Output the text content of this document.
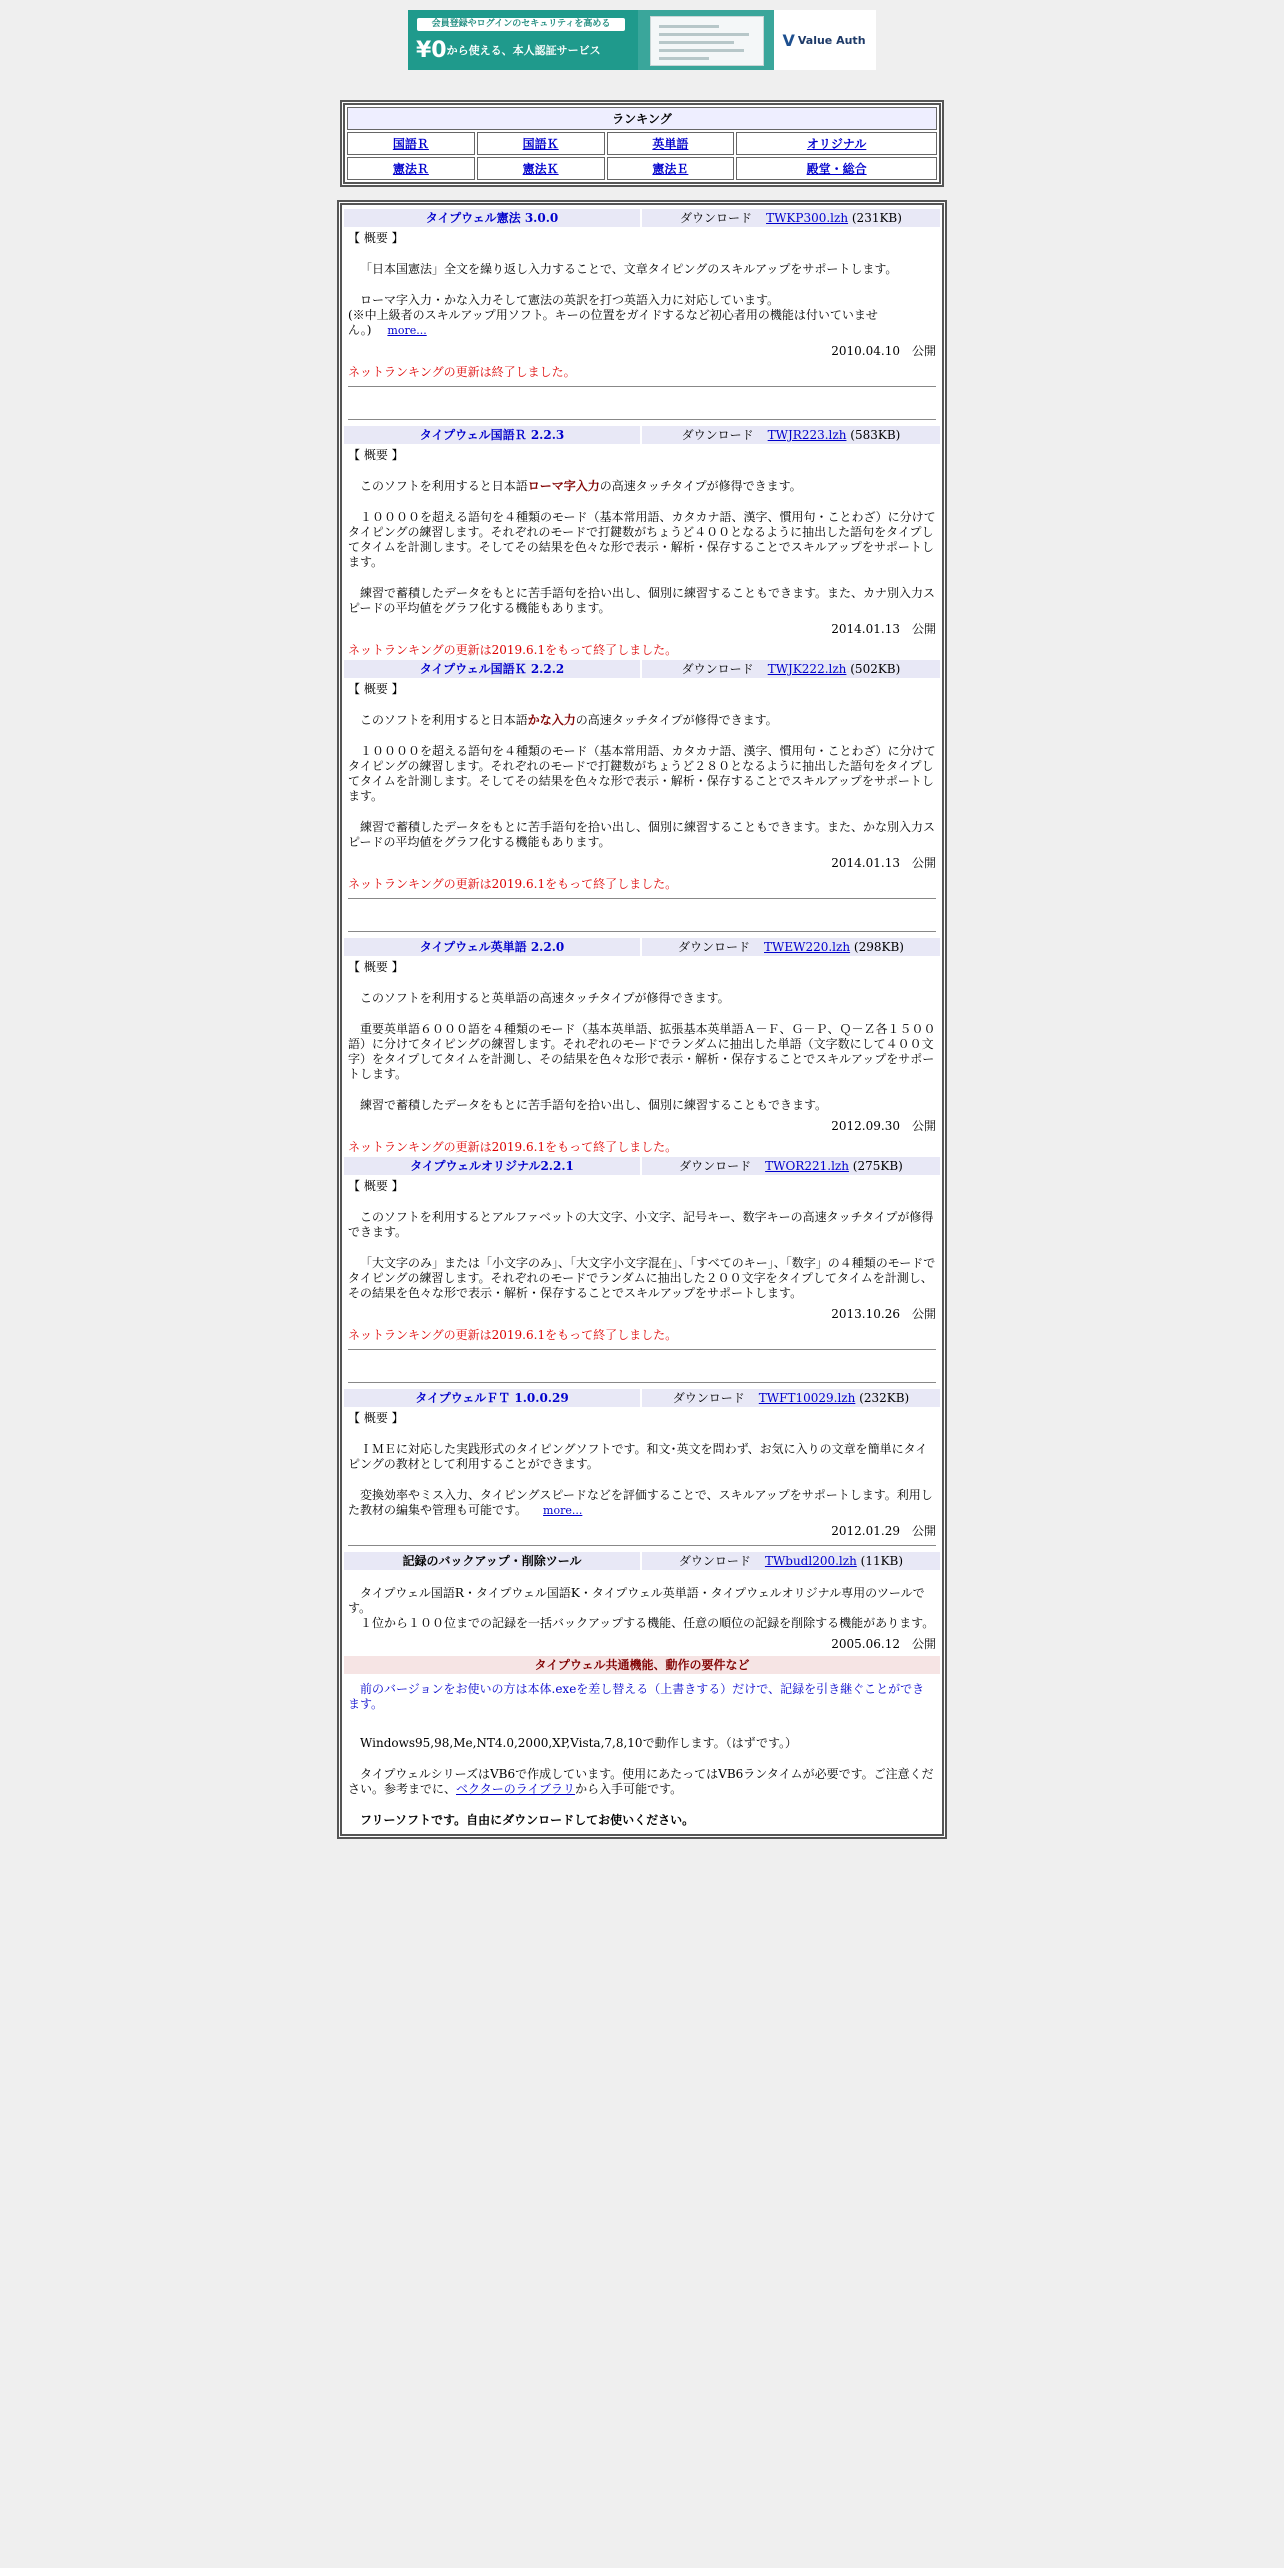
会員登録やログインのセキュリティを高める
¥0から使える、本人認証サービス
V Value Auth
ランキング			
国語Ｒ	国語Ｋ	英単語	オリジナル
憲法Ｒ	憲法Ｋ	憲法Ｅ	殿堂・総合
タイプウェル憲法 3.0.0	ダウンロード TWKP300.lzh (231KB)

【 概要 】

「日本国憲法」全文を繰り返し入力することで、文章タイピングのスキルアップをサポートします。

ローマ字入力・かな入力そして憲法の英訳を打つ英語入力に対応しています。

(※中上級者のスキルアップ用ソフト。キーの位置をガイドするなど初心者用の機能は付いていません。) more...

2010.04.10　 公開
ネットランキングの更新は終了しました。
タイプウェル国語Ｒ 2.2.3	ダウンロード TWJR223.lzh (583KB)

【 概要 】

このソフトを利用すると日本語ローマ字入力の高速タッチタイプが修得できます。

１００００を超える語句を４種類のモード（基本常用語、カタカナ語、漢字、慣用句・ことわざ）に分けてタイピングの練習します。それぞれのモードで打鍵数がちょうど４００となるように抽出した語句をタイプしてタイムを計測します。そしてその結果を色々な形で表示・解析・保存することでスキルアップをサポートします。

練習で蓄積したデータをもとに苦手語句を拾い出し、個別に練習することもできます。また、カナ別入力スピードの平均値をグラフ化する機能もあります。

2014.01.13　 公開
ネットランキングの更新は2019.6.1をもって終了しました。
タイプウェル国語Ｋ 2.2.2	ダウンロード TWJK222.lzh (502KB)

【 概要 】

このソフトを利用すると日本語かな入力の高速タッチタイプが修得できます。

１００００を超える語句を４種類のモード（基本常用語、カタカナ語、漢字、慣用句・ことわざ）に分けてタイピングの練習します。それぞれのモードで打鍵数がちょうど２８０となるように抽出した語句をタイプしてタイムを計測します。そしてその結果を色々な形で表示・解析・保存することでスキルアップをサポートします。

練習で蓄積したデータをもとに苦手語句を拾い出し、個別に練習することもできます。また、かな別入力スピードの平均値をグラフ化する機能もあります。

2014.01.13　 公開
ネットランキングの更新は2019.6.1をもって終了しました。
タイプウェル英単語 2.2.0	ダウンロード TWEW220.lzh (298KB)

【 概要 】

このソフトを利用すると英単語の高速タッチタイプが修得できます。

重要英単語６０００語を４種類のモード（基本英単語、拡張基本英単語Ａ－Ｆ、Ｇ－Ｐ、Ｑ－Ｚ各１５００語）に分けてタイピングの練習します。それぞれのモードでランダムに抽出した単語（文字数にして４００文字）をタイプしてタイムを計測し、その結果を色々な形で表示・解析・保存することでスキルアップをサポートします。

練習で蓄積したデータをもとに苦手語句を拾い出し、個別に練習することもできます。

2012.09.30　 公開
ネットランキングの更新は2019.6.1をもって終了しました。
タイプウェルオリジナル2.2.1	ダウンロード TWOR221.lzh (275KB)

【 概要 】

このソフトを利用するとアルファベットの大文字、小文字、記号キー、数字キーの高速タッチタイプが修得できます。

「大文字のみ」または「小文字のみ」、「大文字小文字混在」、「すべてのキー」、「数字」の４種類のモードでタイピングの練習します。それぞれのモードでランダムに抽出した２００文字をタイプしてタイムを計測し、その結果を色々な形で表示・解析・保存することでスキルアップをサポートします。

2013.10.26　 公開
ネットランキングの更新は2019.6.1をもって終了しました。
タイプウェルＦＴ 1.0.0.29	ダウンロード TWFT10029.lzh (232KB)

【 概要 】

ＩＭＥに対応した実践形式のタイピングソフトです。和文･英文を問わず、お気に入りの文章を簡単にタイピングの教材として利用することができます。

変換効率やミス入力、タイピングスピードなどを評価することで、スキルアップをサポートします。利用した教材の編集や管理も可能です。 more...

2012.01.29　 公開
記録のバックアップ・削除ツール	ダウンロード TWbudl200.lzh (11KB)

タイプウェル国語R・タイプウェル国語K・タイプウェル英単語・タイプウェルオリジナル専用のツールです。

１位から１００位までの記録を一括バックアップする機能、任意の順位の記録を削除する機能があります。

2005.06.12　 公開
タイプウェル共通機能、動作の要件など

前のバージョンをお使いの方は本体.exeを差し替える（上書きする）だけで、記録を引き継ぐことができます。

Windows95,98,Me,NT4.0,2000,XP,Vista,7,8,10で動作します。（はずです。）

タイプウェルシリーズはVB6で作成しています。使用にあたってはVB6ランタイムが必要です。ご注意ください。参考までに、ベクターのライブラリから入手可能です。

フリーソフトです。自由にダウンロードしてお使いください。
